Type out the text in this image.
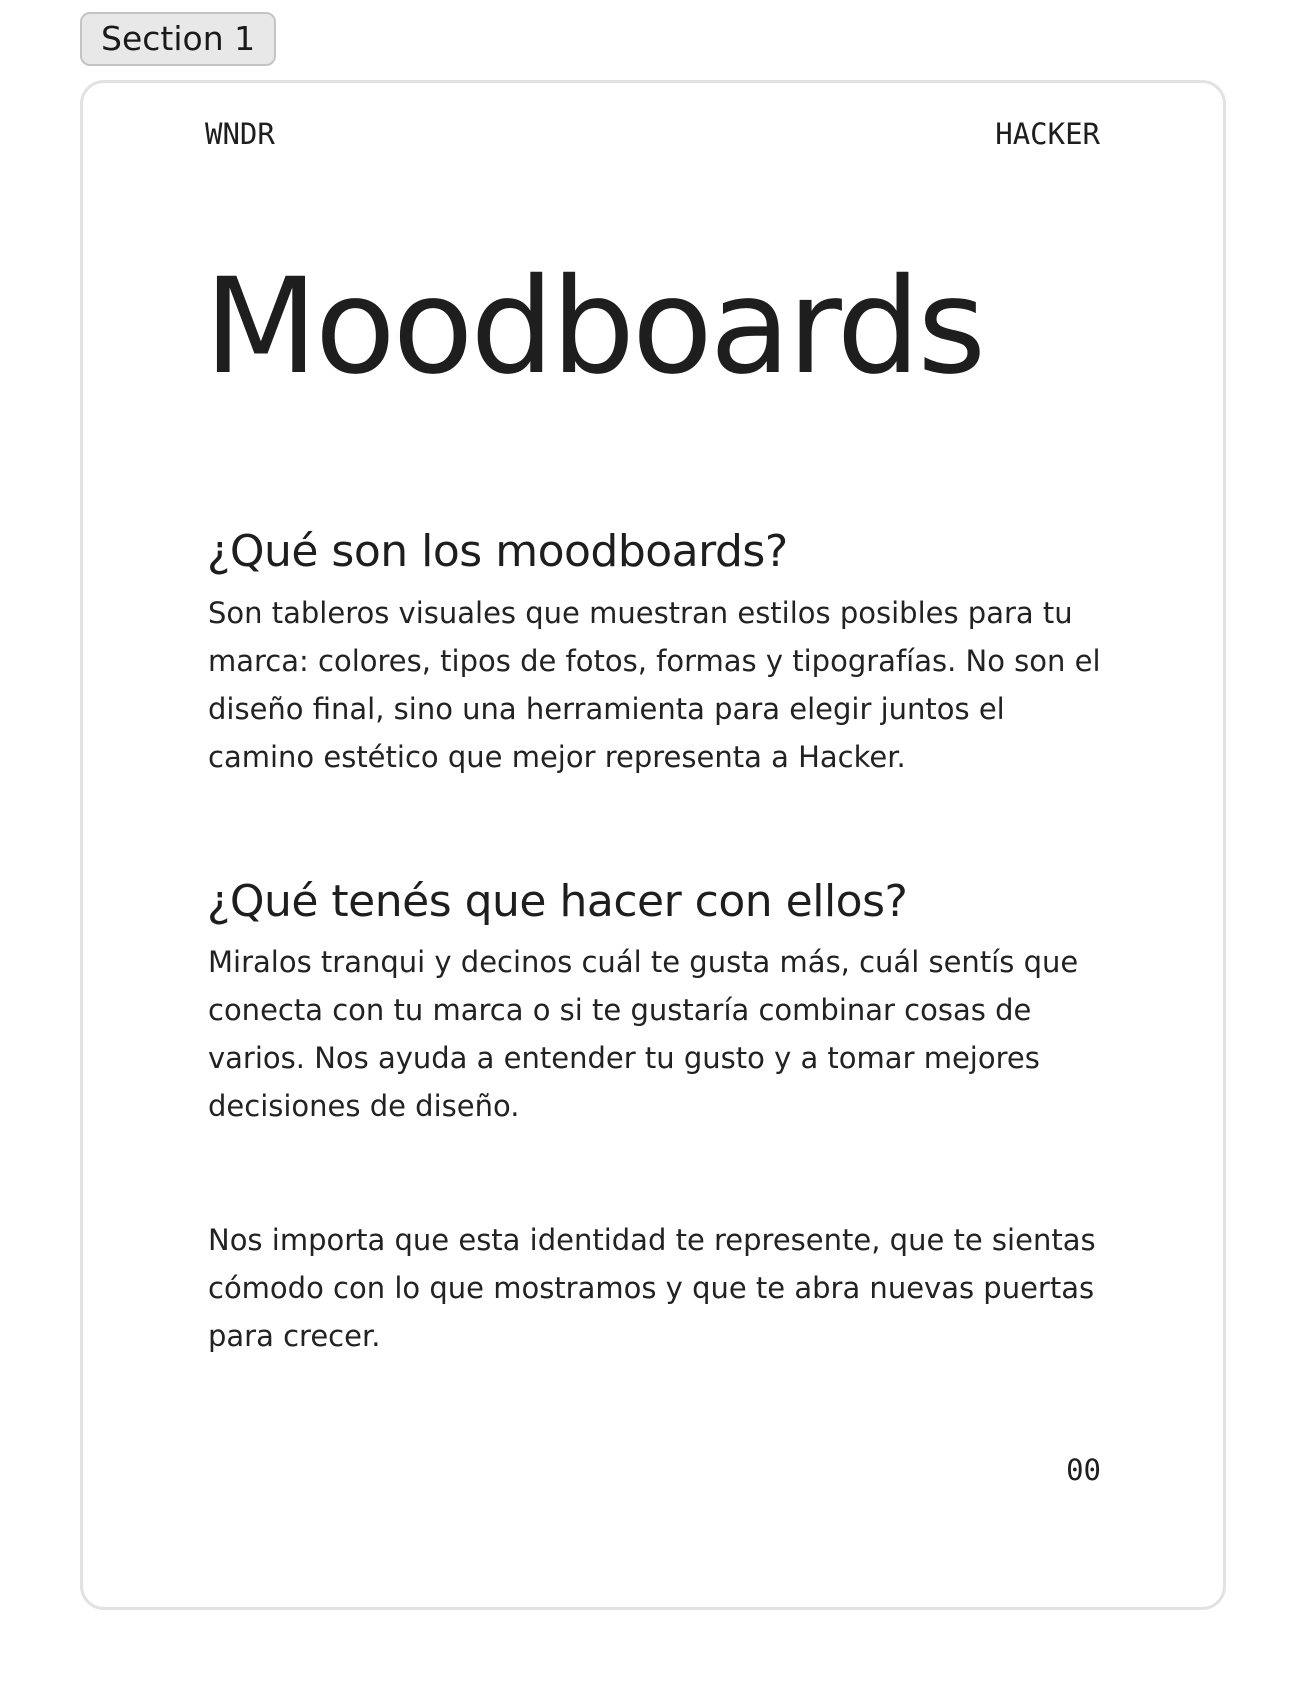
Section 1
WNDR	HACKER
Moodboards
¿Qué son los moodboards?

Son tableros visuales que muestran estilos posibles para tu marca: colores, tipos de fotos, formas y tipografías. No son el diseño final, sino una herramienta para elegir juntos el camino estético que mejor representa a Hacker.

¿Qué tenés que hacer con ellos?

Miralos tranqui y decinos cuál te gusta más, cuál sentís que conecta con tu marca o si te gustaría combinar cosas de varios. Nos ayuda a entender tu gusto y a tomar mejores decisiones de diseño.

Nos importa que esta identidad te represente, que te sientas cómodo con lo que mostramos y que te abra nuevas puertas para crecer.

00
